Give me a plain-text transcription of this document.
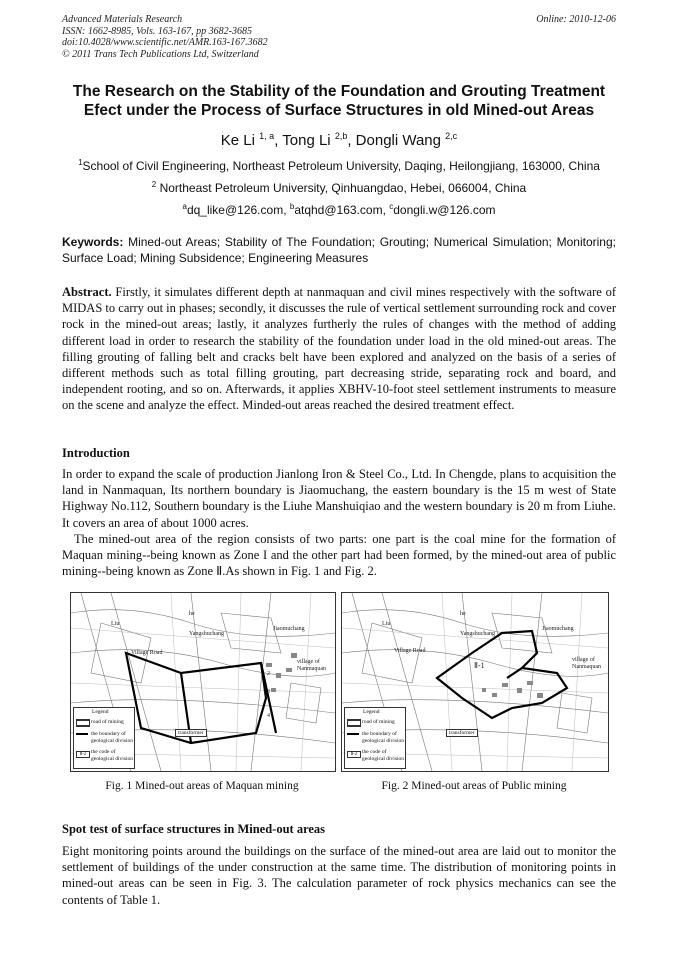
Advanced Materials Research
ISSN: 1662-8985, Vols. 163-167, pp 3682-3685
doi:10.4028/www.scientific.net/AMR.163-167.3682
© 2011 Trans Tech Publications Ltd, Switzerland
Online: 2010-12-06
The Research on the Stability of the Foundation and Grouting Treatment
Efect under the Process of Surface Structures in old Mined-out Areas
Ke Li $^{1, a}$, Tong Li $^{2,b}$, Dongli Wang $^{2,c}$
$^1$School of Civil Engineering, Northeast Petroleum University, Daqing, Heilongjiang, 163000, China
$^2$ Northeast Petroleum University, Qinhuangdao, Hebei, 066004, China
$^a$dq_like@126.com, $^b$atqhd@163.com, $^c$dongli.w@126.com
Keywords: Mined-out Areas; Stability of The Foundation; Grouting; Numerical Simulation; Monitoring; Surface Load; Mining Subsidence; Engineering Measures
Abstract. Firstly, it simulates different depth at nanmaquan and civil mines respectively with the software of MIDAS to carry out in phases; secondly, it discusses the rule of vertical settlement surrounding rock and cover rock in the mined-out areas; lastly, it analyzes furtherly the rules of changes with the method of adding different load in order to research the stability of the foundation under load in the old mined-out areas. The filling grouting of falling belt and cracks belt have been explored and analyzed on the basis of a series of different methods such as total filling grouting, part decreasing stride, separating rock and board, and independent rooting, and so on. Afterwards, it applies XBHV-10-foot steel settlement instruments to measure on the scene and analyze the effect. Minded-out areas reached the desired treatment effect.
Introduction
In order to expand the scale of production Jianlong Iron & Steel Co., Ltd. In Chengde, plans to acquisition the land in Nanmaquan, Its northern boundary is Jiaomuchang, the eastern boundary is the 15 m west of State Highway No.112, Southern boundary is the Liuhe Manshuiqiao and the western boundary is 20 m from Liuhe. It covers an area of about 1000 acres.
The mined-out area of the region consists of two parts: one part is the coal mine for the formation of Maquan mining--being known as Zone I and the other part had been formed, by the mined-out area of public mining--being known as Zone Ⅱ.As shown in Fig. 1 and Fig. 2.
Liu
he
Yangshuchang
Jiaomuchang
Village Road
village of
Nanmaquan
2
3
4
transformer
Legend
road of mining
the boundary of geological division
Ⅱ-2 the code of geological division
Fig. 1 Mined-out areas of Maquan mining
Liu
he
Yangshuchang
Jiaomuchang
Village Road
village of
Nanmaquan
Ⅱ-1
transformer
Legend
road of mining
the boundary of geological division
Ⅱ-2 the code of geological division
Fig. 2 Mined-out areas of Public mining
Spot test of surface structures in Mined-out areas
Eight monitoring points around the buildings on the surface of the mined-out area are laid out to monitor the settlement of buildings of the under construction at the same time. The distribution of monitoring points in mined-out areas can be seen in Fig. 3. The calculation parameter of rock physics mechanics can see the contents of Table 1.
